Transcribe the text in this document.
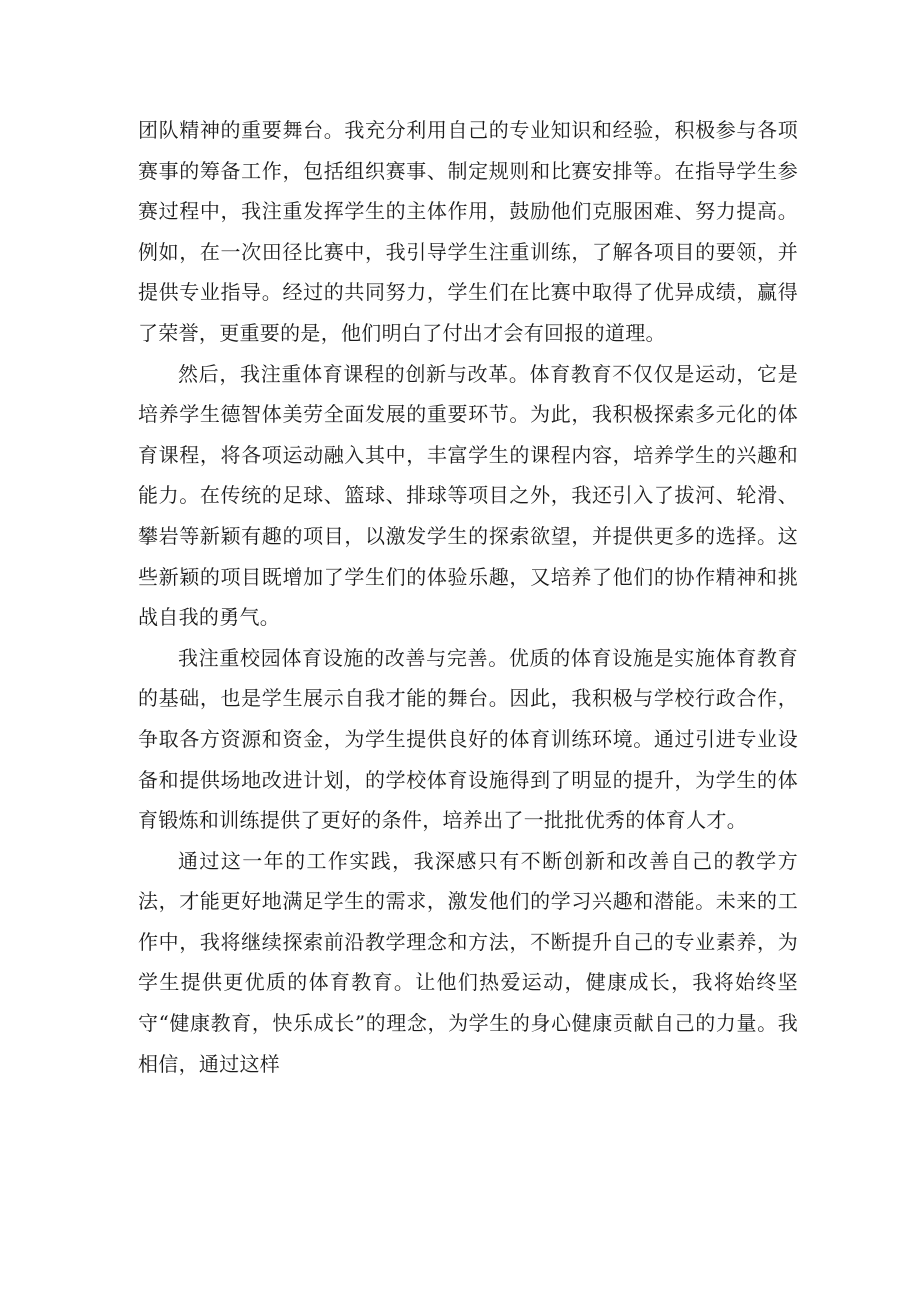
团队精神的重要舞台。我充分利用自己的专业知识和经验，积极参与各项赛事的筹备工作，包括组织赛事、制定规则和比赛安排等。在指导学生参赛过程中，我注重发挥学生的主体作用，鼓励他们克服困难、努力提高。例如，在一次田径比赛中，我引导学生注重训练，了解各项目的要领，并提供专业指导。经过的共同努力，学生们在比赛中取得了优异成绩，赢得了荣誉，更重要的是，他们明白了付出才会有回报的道理。

然后，我注重体育课程的创新与改革。体育教育不仅仅是运动，它是培养学生德智体美劳全面发展的重要环节。为此，我积极探索多元化的体育课程，将各项运动融入其中，丰富学生的课程内容，培养学生的兴趣和能力。在传统的足球、篮球、排球等项目之外，我还引入了拔河、轮滑、攀岩等新颖有趣的项目，以激发学生的探索欲望，并提供更多的选择。这些新颖的项目既增加了学生们的体验乐趣，又培养了他们的协作精神和挑战自我的勇气。

我注重校园体育设施的改善与完善。优质的体育设施是实施体育教育的基础，也是学生展示自我才能的舞台。因此，我积极与学校行政合作，争取各方资源和资金，为学生提供良好的体育训练环境。通过引进专业设备和提供场地改进计划，的学校体育设施得到了明显的提升，为学生的体育锻炼和训练提供了更好的条件，培养出了一批批优秀的体育人才。

通过这一年的工作实践，我深感只有不断创新和改善自己的教学方法，才能更好地满足学生的需求，激发他们的学习兴趣和潜能。未来的工作中，我将继续探索前沿教学理念和方法，不断提升自己的专业素养，为学生提供更优质的体育教育。让他们热爱运动，健康成长，我将始终坚守“健康教育，快乐成长”的理念，为学生的身心健康贡献自己的力量。我相信，通过这样
